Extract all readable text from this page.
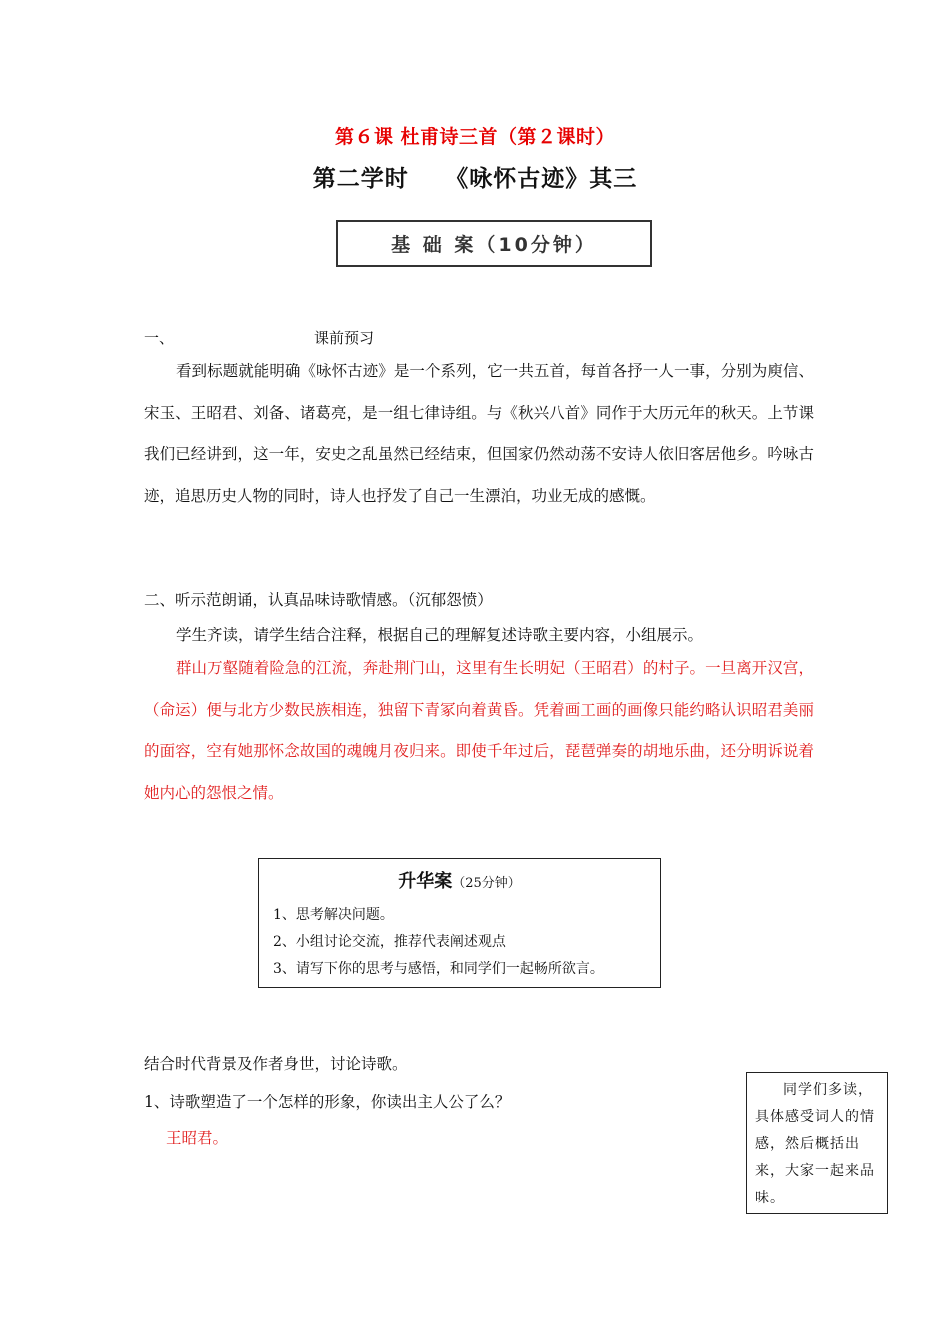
第６课 杜甫诗三首（第２课时）
第二学时　　《咏怀古迹》其三
基 础 案（10分钟）
一、	课前预习
看到标题就能明确《咏怀古迹》是一个系列，它一共五首，每首各抒一人一事，分别为庾信、宋玉、王昭君、刘备、诸葛亮，是一组七律诗组。与《秋兴八首》同作于大历元年的秋天。上节课我们已经讲到，这一年，安史之乱虽然已经结束，但国家仍然动荡不安诗人依旧客居他乡。吟咏古迹，追思历史人物的同时，诗人也抒发了自己一生漂泊，功业无成的感慨。
二、听示范朗诵，认真品味诗歌情感。（沉郁怨愤）
学生齐读，请学生结合注释，根据自己的理解复述诗歌主要内容，小组展示。
群山万壑随着险急的江流，奔赴荆门山，这里有生长明妃（王昭君）的村子。一旦离开汉宫，（命运）便与北方少数民族相连，独留下青冢向着黄昏。凭着画工画的画像只能约略认识昭君美丽的面容，空有她那怀念故国的魂魄月夜归来。即使千年过后，琵琶弹奏的胡地乐曲，还分明诉说着她内心的怨恨之情。
升华案（25分钟）
1、思考解决问题。
2、小组讨论交流，推荐代表阐述观点
3、请写下你的思考与感悟，和同学们一起畅所欲言。
结合时代背景及作者身世，讨论诗歌。
1、诗歌塑造了一个怎样的形象，你读出主人公了么？
王昭君。
同学们多读，具体感受词人的情感，然后概括出来，大家一起来品味。
